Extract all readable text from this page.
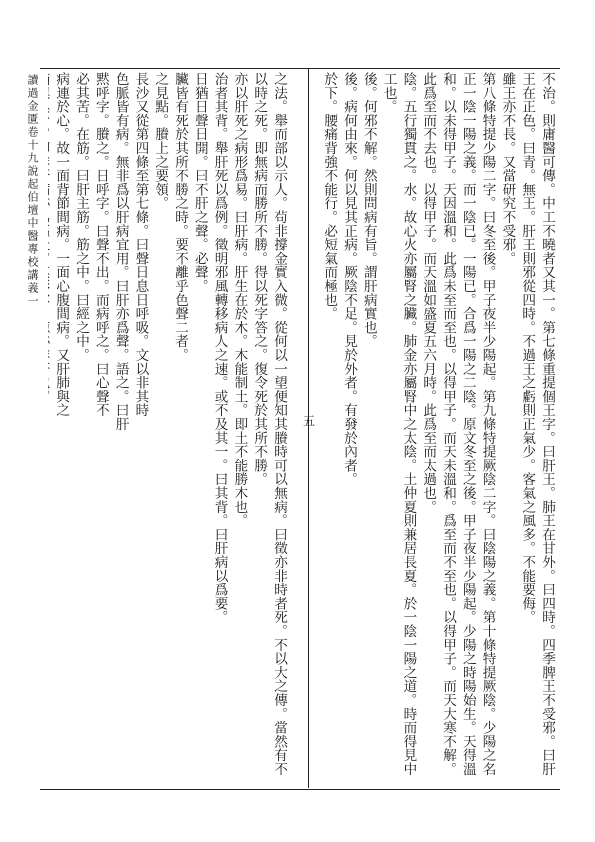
讀過金匱卷十九說起伯壇中醫專校講義一
五	不治。則庸醫可傳。中工不曉者又其一。第七條重提個王字。曰肝王。肺王在甘外。曰四時。四季脾王不受邪。曰肝王在正色。曰青。無王。肝王則邪從四時。不過王之虧則正氣少。客氣之風多。不能要侮。
雖王亦不長。又當研究不受邪。
第八條特提少陽二字。曰冬至後。甲子夜半少陽起。第九條特提厥陰二字。曰陰陽之義。第十條特提厥陰。少陽之名正一陰一陽之義。而一陰已。一陽已。合爲一陽之二陰。原文冬至之後。甲子夜半少陽起。少陽之時陽始生。天得溫和。以未得甲子。天因溫和。此爲未至而至也。以得甲子。而天未溫和。爲至而不至也。以得甲子。而天大寒不解。此爲至而不去也。以得甲子。而天溫如盛夏五六月時。此爲至而太過也。
陰。五行獨貫之。水。故心火亦屬腎之臟。肺金亦屬腎中之太陰。土仲夏則兼居長夏。於一陰一陽之道。時而得見中工也。
後。何邪不解。然則問病有旨。謂肝病實也。
後。病何由來。何以見其正病。厥陰不足。見於外者。有發於內者。
於下。腰痛背強不能行。必短氣而極也。
之法。舉而部以示人。茍非撐金實入微。從何以一望便知其賸時可以無病。曰徵亦非時者死。不以大之傳。當然有不以時之死。即無病而勝所不勝。得以死字答之。復令死於其所不勝。
亦以肝死之病形爲易。曰肝病。肝生在於木。木能制土。即土不能勝木也。
治者其背。舉肝死以爲例。徵明邪風轉移病人之速。或不及其一。曰其背。曰肝病以爲要。
日猶日聲日開。曰不肝之聲。必聲。
臟皆有死於其所不勝之時。要不離乎色聲二者。
之見點。賸上之要領。
長沙又從第四條至第七條。曰聲日息日呼吸。文以非其時
色脈皆有病。無非爲以肝病宜用。曰肝亦爲聲。語之。曰肝
黙呼字。賸之。日呼字。曰聲不出。而病呼之。曰心聲不
必其苦。在筋。曰肝主筋。筋之中。曰經之中。
病連於心。故一面背節間病。一面心腹間病。又肝肺與之
